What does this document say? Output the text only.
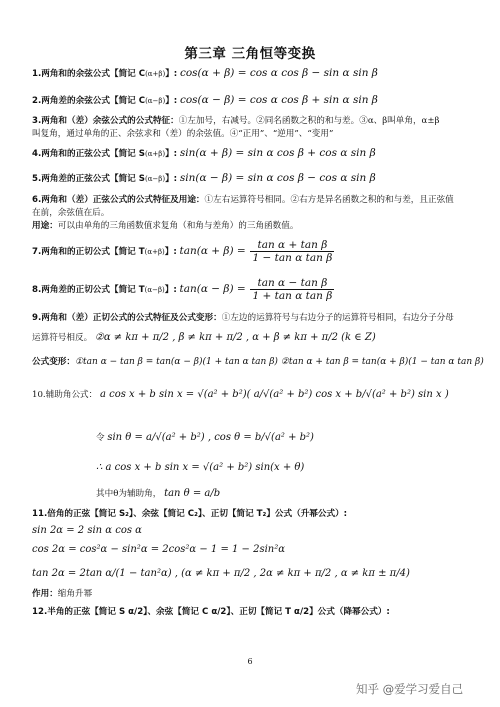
第三章 三角恒等变换
1.两角和的余弦公式【简记 C(α+β)】: cos(α + β) = cos α cos β − sin α sin β
2.两角差的余弦公式【简记 C(α−β)】: cos(α − β) = cos α cos β + sin α sin β
3.两角和（差）余弦公式的公式特征：①左加号，右减号。②同名函数之积的和与差。③α、β叫单角，α±β
叫复角，通过单角的正、余弦求和（差）的余弦值。④“正用”、“逆用”、“变用”
4.两角和的正弦公式【简记 S(α+β)】: sin(α + β) = sin α cos β + cos α sin β
5.两角差的正弦公式【简记 S(α−β)】: sin(α − β) = sin α cos β − cos α sin β
6.两角和（差）正弦公式的公式特征及用途：①左右运算符号相同。②右方是异名函数之积的和与差，且正弦值
在前，余弦值在后。
用途：可以由单角的三角函数值求复角（和角与差角）的三角函数值。
7.两角和的正切公式【简记 T(α+β)】: $\tan(\alpha + \beta) = \frac{\text{tan α + tan β}}{\text{1 − tan α tan β}}$
8.两角差的正切公式【简记 T(α−β)】: $\tan(\alpha - \beta) = \frac{\text{tan α − tan β}}{\text{1 + tan α tan β}}$
9.两角和（差）正切公式的公式特征及公式变形：①左边的运算符号与右边分子的运算符号相同，右边分子分母
运算符号相反。 ②α ≠ kπ + π/2 , β ≠ kπ + π/2 , α + β ≠ kπ + π/2 (k ∈ Z)
公式变形：①tan α − tan β = tan(α − β)(1 + tan α tan β) ②tan α + tan β = tan(α + β)(1 − tan α tan β)
10.辅助角公式： a cos x + b sin x = √(a² + b²)( a/√(a² + b²) cos x + b/√(a² + b²) sin x )
令 sin θ = a/√(a² + b²) , cos θ = b/√(a² + b²)
∴ a cos x + b sin x = √(a² + b²) sin(x + θ)
其中θ为辅助角， tan θ = a/b
11.倍角的正弦【简记 S₂】、余弦【简记 C₂】、正切【简记 T₂】公式（升幂公式）:
sin 2α = 2 sin α cos α
cos 2α = cos²α − sin²α = 2cos²α − 1 = 1 − 2sin²α
tan 2α = 2tan α/(1 − tan²α) , (α ≠ kπ + π/2 , 2α ≠ kπ + π/2 , α ≠ kπ ± π/4)
作用：缩角升幂
12.半角的正弦【简记 S α/2】、余弦【简记 C α/2】、正切【简记 T α/2】公式（降幂公式）:
6
知乎 @爱学习爱自己
